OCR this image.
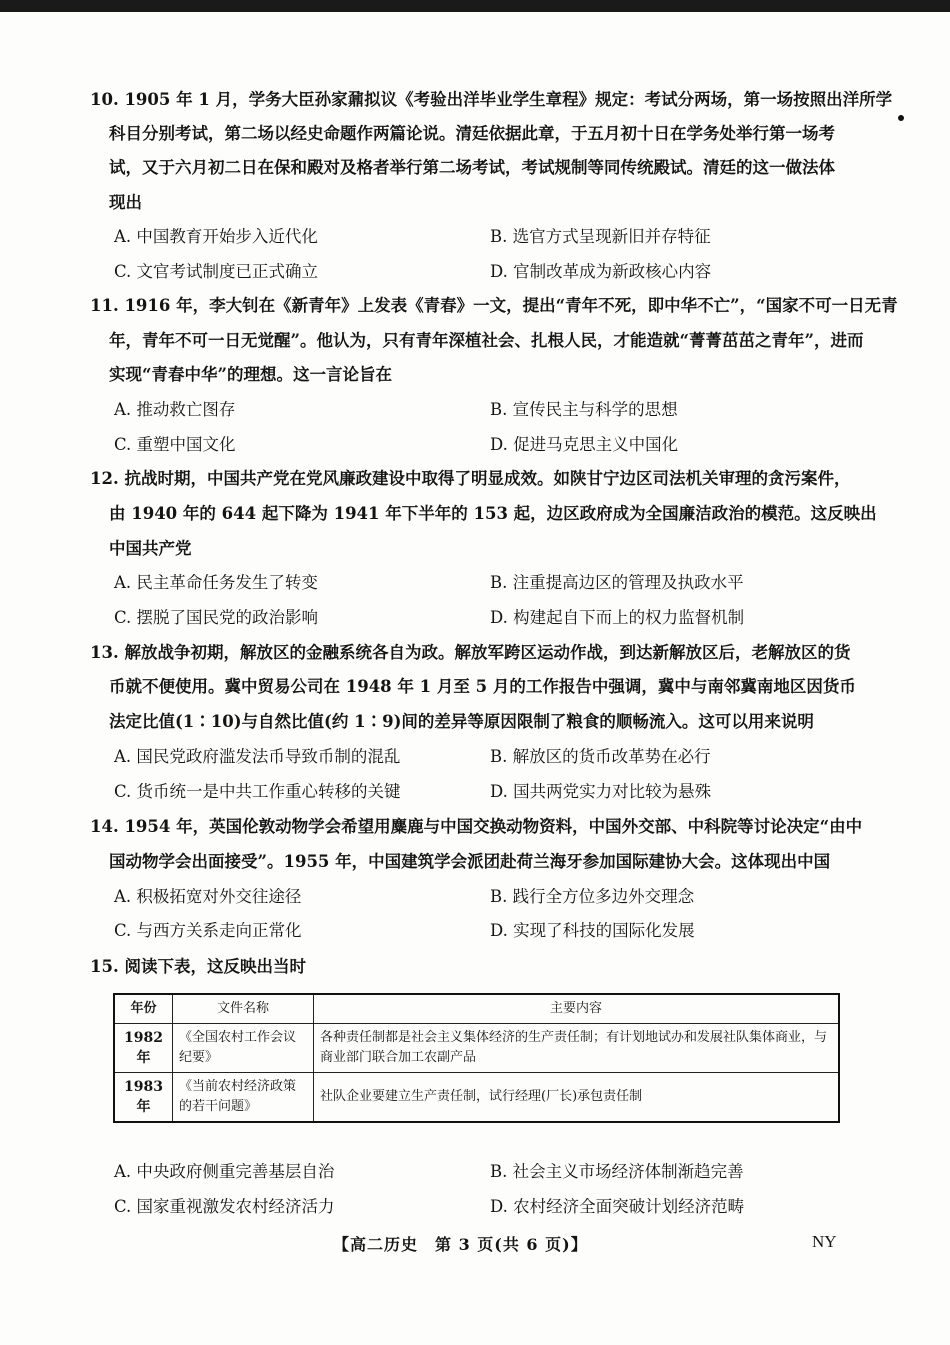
10. 1905 年 1 月，学务大臣孙家鼐拟议《考验出洋毕业学生章程》规定：考试分两场，第一场按照出洋所学
科目分别考试，第二场以经史命题作两篇论说。清廷依据此章，于五月初十日在学务处举行第一场考
试，又于六月初二日在保和殿对及格者举行第二场考试，考试规制等同传统殿试。清廷的这一做法体
现出
A. 中国教育开始步入近代化	B. 选官方式呈现新旧并存特征
C. 文官考试制度已正式确立	D. 官制改革成为新政核心内容
11. 1916 年，李大钊在《新青年》上发表《青春》一文，提出“青年不死，即中华不亡”，“国家不可一日无青
年，青年不可一日无觉醒”。他认为，只有青年深植社会、扎根人民，才能造就“菁菁茁茁之青年”，进而
实现“青春中华”的理想。这一言论旨在
A. 推动救亡图存	B. 宣传民主与科学的思想
C. 重塑中国文化	D. 促进马克思主义中国化
12. 抗战时期，中国共产党在党风廉政建设中取得了明显成效。如陕甘宁边区司法机关审理的贪污案件，
由 1940 年的 644 起下降为 1941 年下半年的 153 起，边区政府成为全国廉洁政治的模范。这反映出
中国共产党
A. 民主革命任务发生了转变	B. 注重提高边区的管理及执政水平
C. 摆脱了国民党的政治影响	D. 构建起自下而上的权力监督机制
13. 解放战争初期，解放区的金融系统各自为政。解放军跨区运动作战，到达新解放区后，老解放区的货
币就不便使用。冀中贸易公司在 1948 年 1 月至 5 月的工作报告中强调，冀中与南邻冀南地区因货币
法定比值(1∶10)与自然比值(约 1∶9)间的差异等原因限制了粮食的顺畅流入。这可以用来说明
A. 国民党政府滥发法币导致币制的混乱	B. 解放区的货币改革势在必行
C. 货币统一是中共工作重心转移的关键	D. 国共两党实力对比较为悬殊
14. 1954 年，英国伦敦动物学会希望用麋鹿与中国交换动物资料，中国外交部、中科院等讨论决定“由中
国动物学会出面接受”。1955 年，中国建筑学会派团赴荷兰海牙参加国际建协大会。这体现出中国
A. 积极拓宽对外交往途径	B. 践行全方位多边外交理念
C. 与西方关系走向正常化	D. 实现了科技的国际化发展
15. 阅读下表，这反映出当时
年份	文件名称	主要内容
1982 年	《全国农村工作会议纪要》	各种责任制都是社会主义集体经济的生产责任制；有计划地试办和发展社队集体商业，与商业部门联合加工农副产品
1983 年	《当前农村经济政策的若干问题》	社队企业要建立生产责任制，试行经理(厂长)承包责任制
A. 中央政府侧重完善基层自治	B. 社会主义市场经济体制渐趋完善
C. 国家重视激发农村经济活力	D. 农村经济全面突破计划经济范畴
【高二历史　第 3 页(共 6 页)】	NY
